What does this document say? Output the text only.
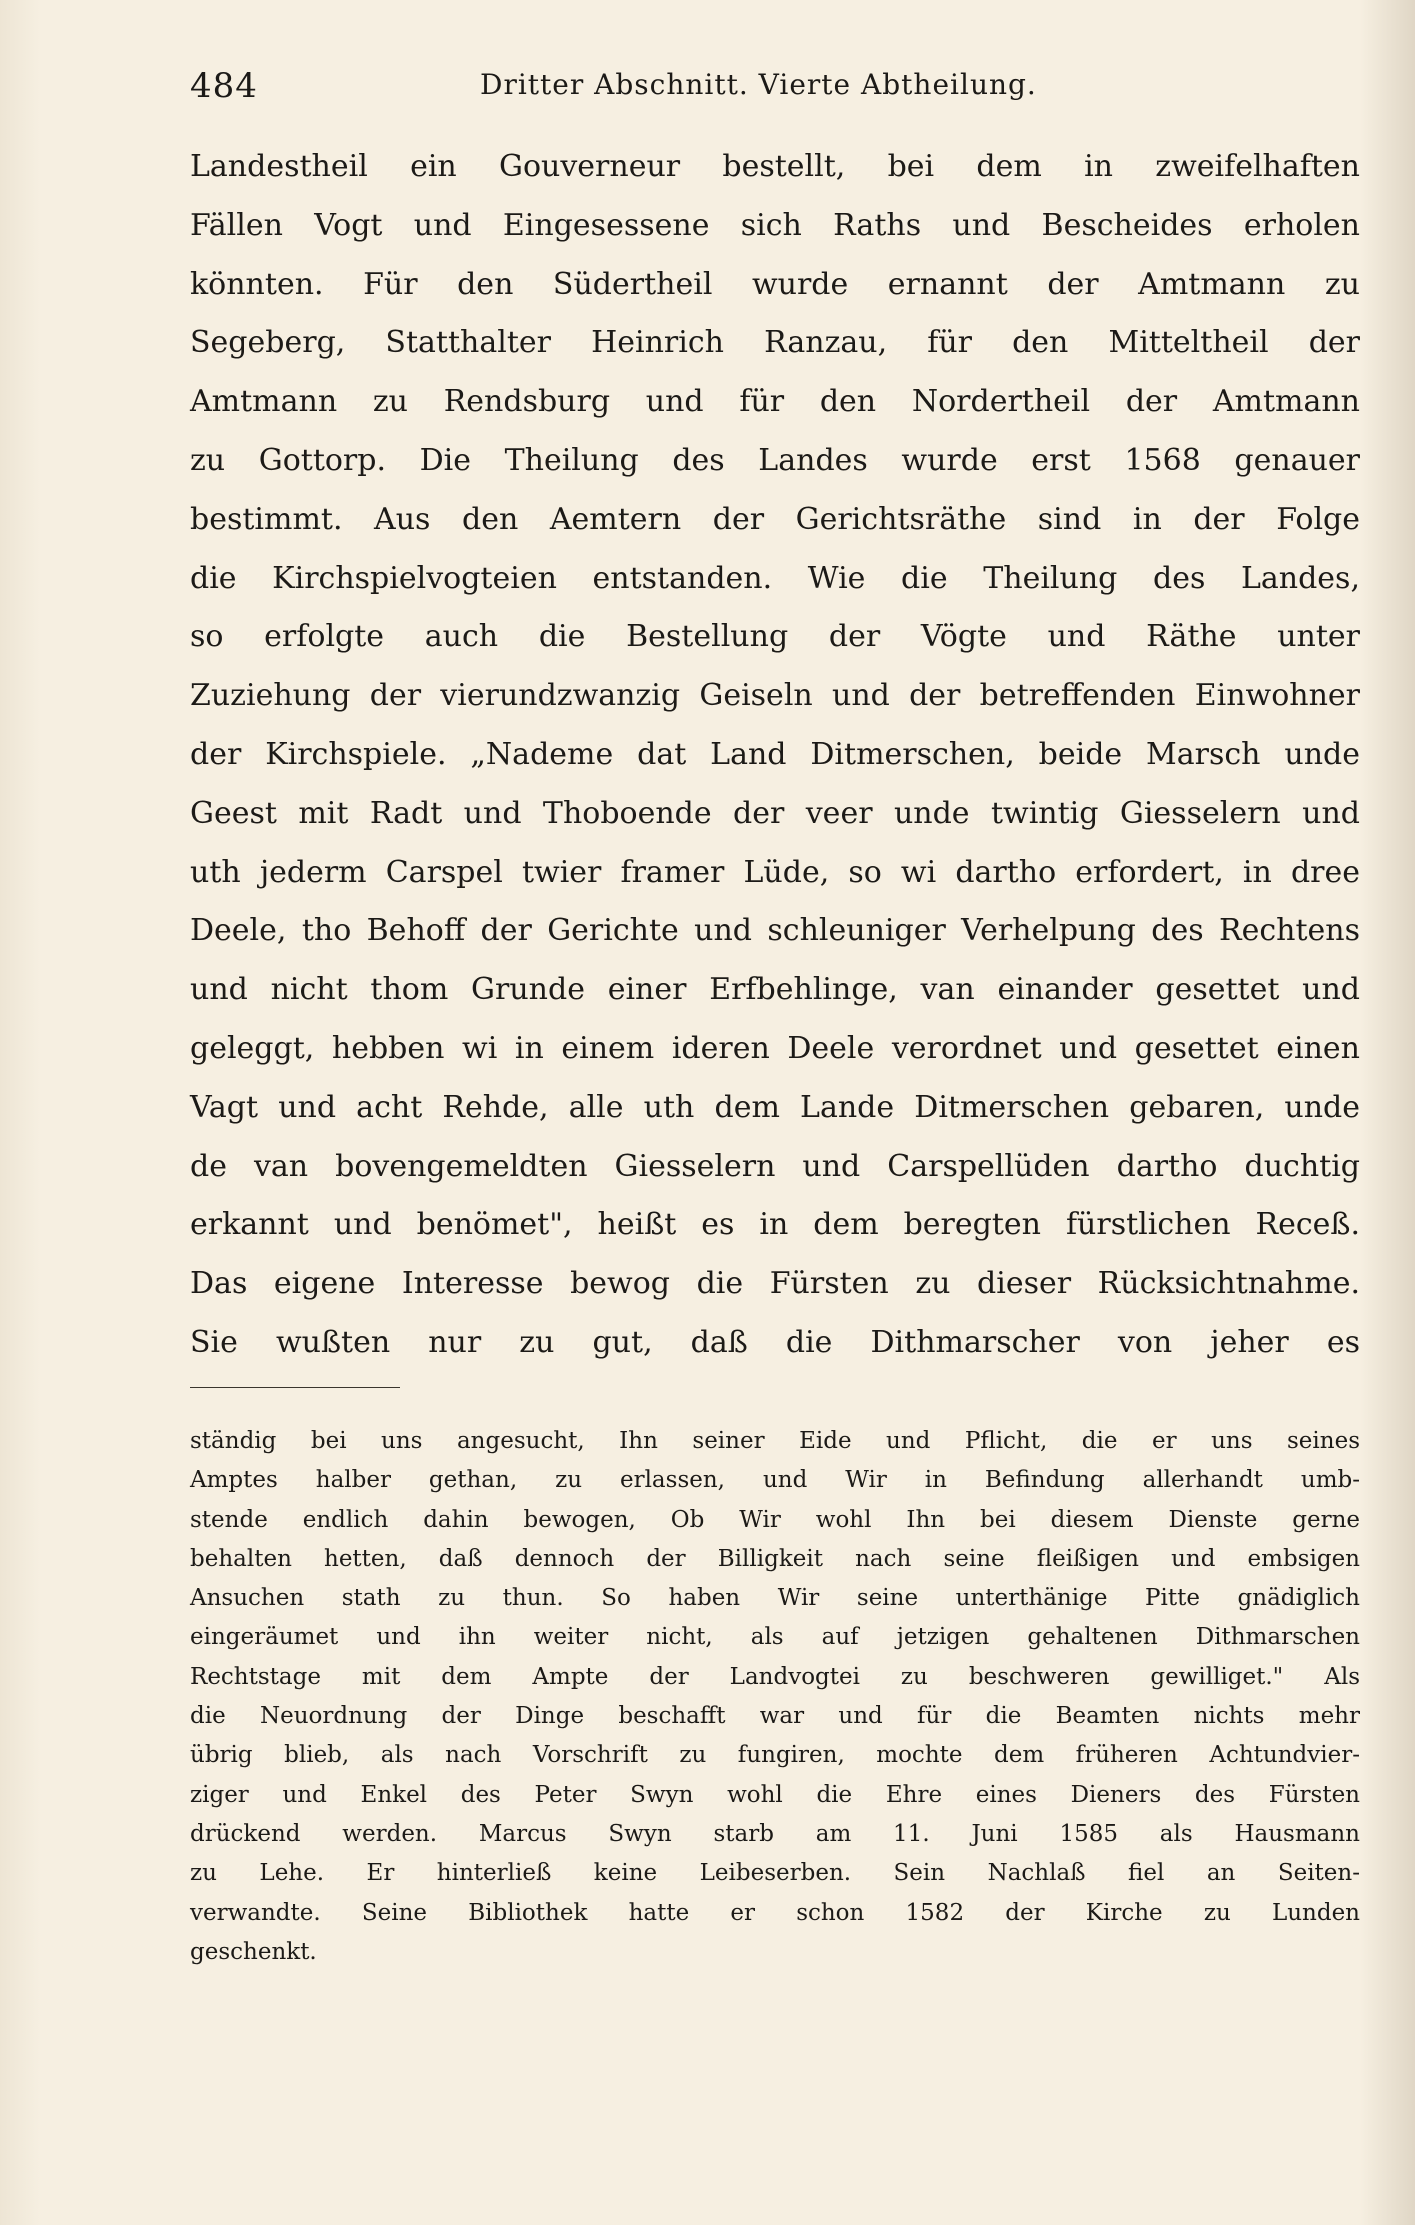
484	Dritter Abschnitt. Vierte Abtheilung.
Landestheil ein Gouverneur bestellt, bei dem in zweifelhaften
Fällen Vogt und Eingesessene sich Raths und Bescheides erholen
könnten. Für den Südertheil wurde ernannt der Amtmann zu
Segeberg, Statthalter Heinrich Ranzau, für den Mitteltheil der
Amtmann zu Rendsburg und für den Nordertheil der Amtmann
zu Gottorp. Die Theilung des Landes wurde erst 1568 genauer
bestimmt. Aus den Aemtern der Gerichtsräthe sind in der Folge
die Kirchspielvogteien entstanden. Wie die Theilung des Landes,
so erfolgte auch die Bestellung der Vögte und Räthe unter
Zuziehung der vierundzwanzig Geiseln und der betreffenden Einwohner
der Kirchspiele. „Nademe dat Land Ditmerschen, beide Marsch unde
Geest mit Radt und Thoboende der veer unde twintig Giesselern und
uth jederm Carspel twier framer Lüde, so wi dartho erfordert, in dree
Deele, tho Behoff der Gerichte und schleuniger Verhelpung des Rechtens
und nicht thom Grunde einer Erfbehlinge, van einander gesettet und
geleggt, hebben wi in einem ideren Deele verordnet und gesettet einen
Vagt und acht Rehde, alle uth dem Lande Ditmerschen gebaren, unde
de van bovengemeldten Giesselern und Carspellüden dartho duchtig
erkannt und benömet", heißt es in dem beregten fürstlichen Receß.
Das eigene Interesse bewog die Fürsten zu dieser Rücksichtnahme.
Sie wußten nur zu gut, daß die Dithmarscher von jeher es
ständig bei uns angesucht, Ihn seiner Eide und Pflicht, die er uns seines
Amptes halber gethan, zu erlassen, und Wir in Befindung allerhandt umb-
stende endlich dahin bewogen, Ob Wir wohl Ihn bei diesem Dienste gerne
behalten hetten, daß dennoch der Billigkeit nach seine fleißigen und embsigen
Ansuchen stath zu thun. So haben Wir seine unterthänige Pitte gnädiglich
eingeräumet und ihn weiter nicht, als auf jetzigen gehaltenen Dithmarschen
Rechtstage mit dem Ampte der Landvogtei zu beschweren gewilliget." Als
die Neuordnung der Dinge beschafft war und für die Beamten nichts mehr
übrig blieb, als nach Vorschrift zu fungiren, mochte dem früheren Achtundvier-
ziger und Enkel des Peter Swyn wohl die Ehre eines Dieners des Fürsten
drückend werden. Marcus Swyn starb am 11. Juni 1585 als Hausmann
zu Lehe. Er hinterließ keine Leibeserben. Sein Nachlaß fiel an Seiten-
verwandte. Seine Bibliothek hatte er schon 1582 der Kirche zu Lunden
geschenkt.
